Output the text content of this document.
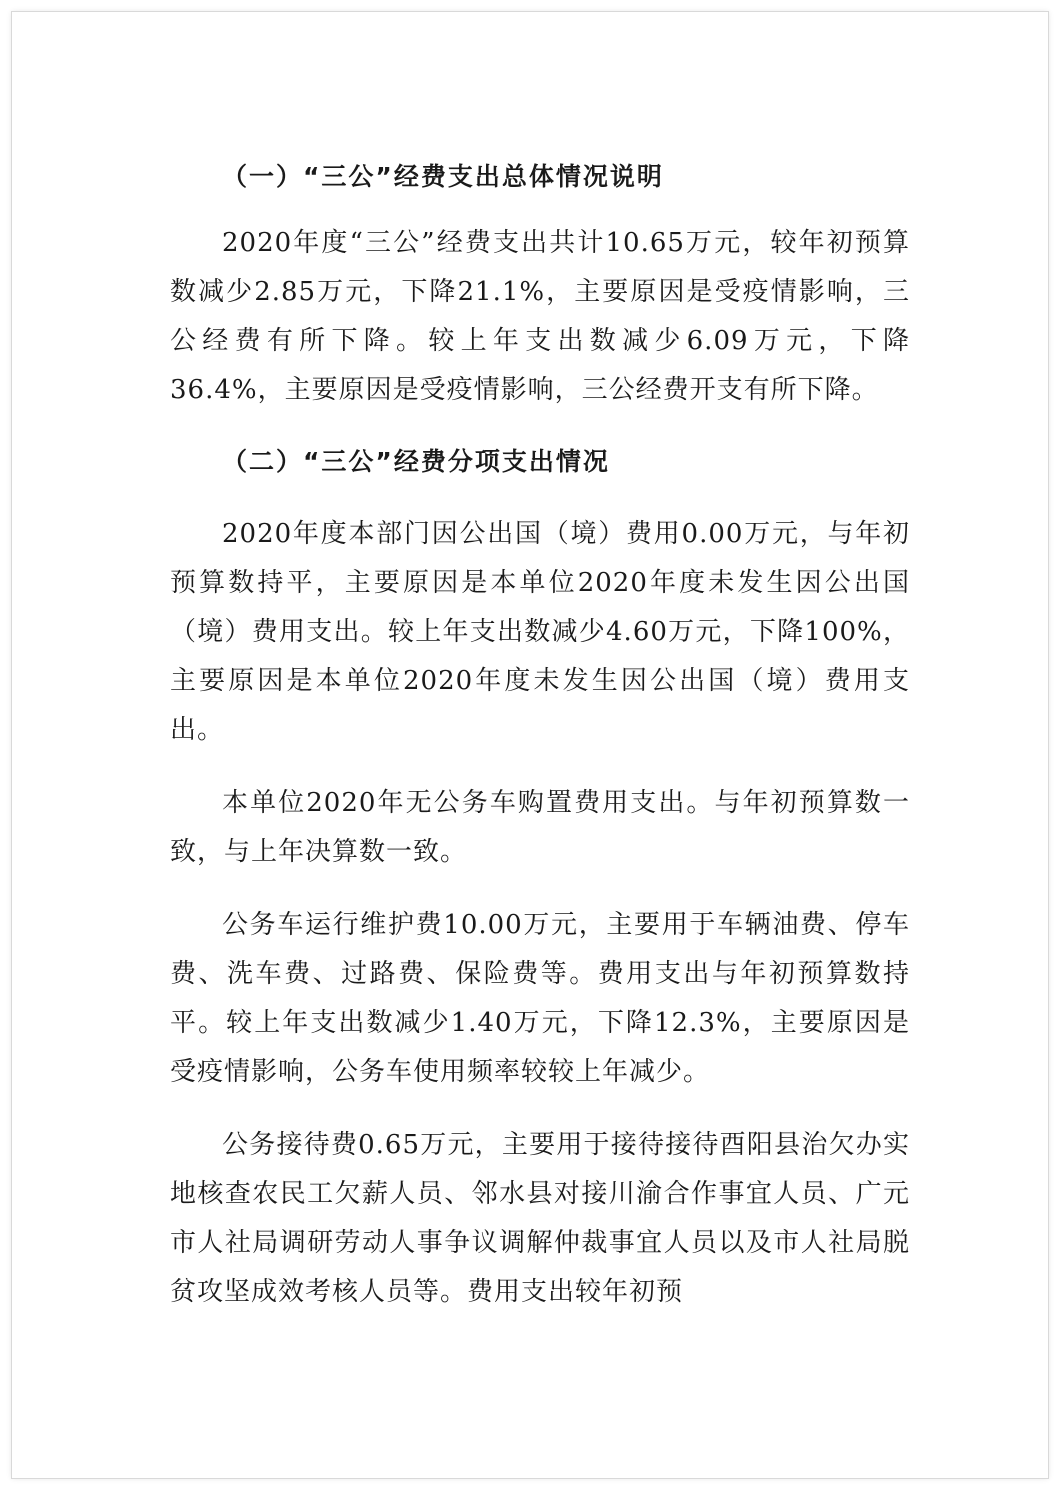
（一）“三公”经费支出总体情况说明

2020年度“三公”经费支出共计10.65万元，较年初预算数减少2.85万元，下降21.1%，主要原因是受疫情影响，三公经费有所下降。较上年支出数减少6.09万元，下降36.4%，主要原因是受疫情影响，三公经费开支有所下降。

（二）“三公”经费分项支出情况

2020年度本部门因公出国（境）费用0.00万元，与年初预算数持平，主要原因是本单位2020年度未发生因公出国（境）费用支出。较上年支出数减少4.60万元，下降100%，主要原因是本单位2020年度未发生因公出国（境）费用支出。

本单位2020年无公务车购置费用支出。与年初预算数一致，与上年决算数一致。

公务车运行维护费10.00万元，主要用于车辆油费、停车费、洗车费、过路费、保险费等。费用支出与年初预算数持平。较上年支出数减少1.40万元，下降12.3%，主要原因是受疫情影响，公务车使用频率较较上年减少。

公务接待费0.65万元，主要用于接待接待酉阳县治欠办实地核查农民工欠薪人员、邻水县对接川渝合作事宜人员、广元市人社局调研劳动人事争议调解仲裁事宜人员以及市人社局脱贫攻坚成效考核人员等。费用支出较年初预
